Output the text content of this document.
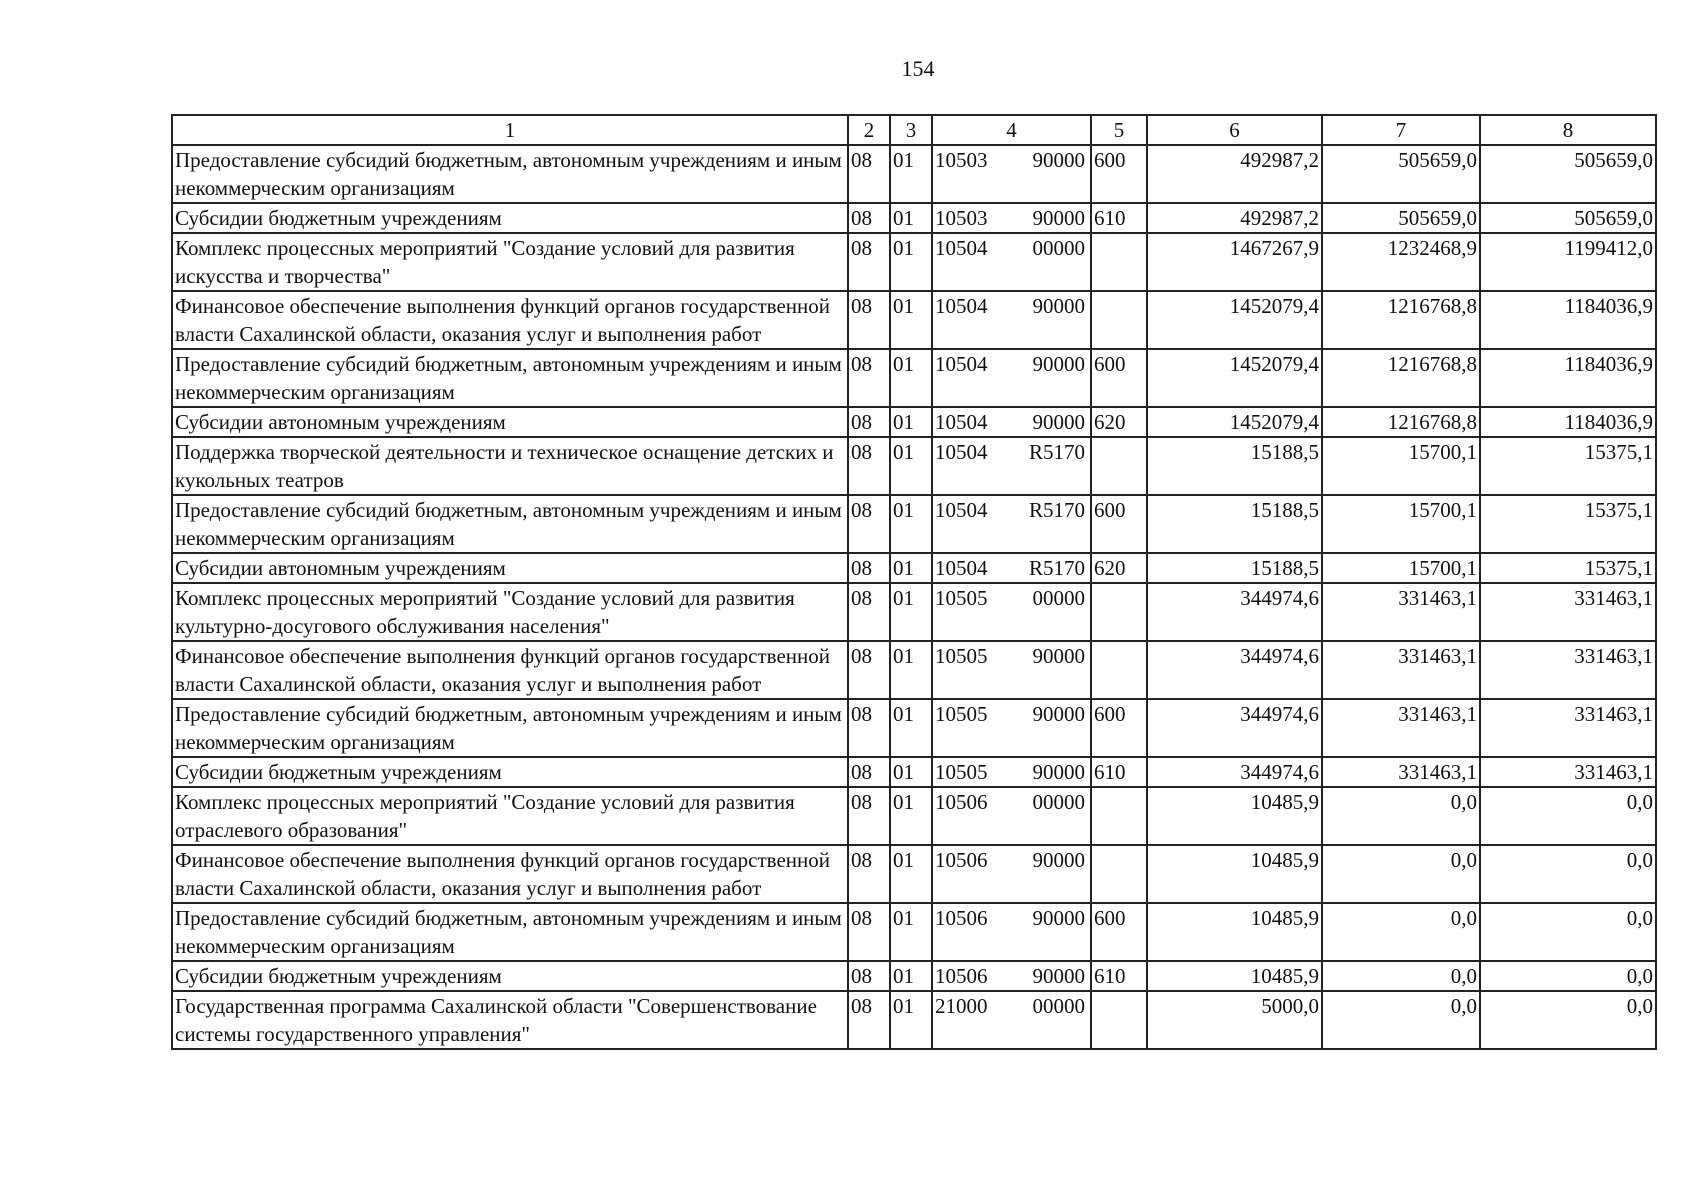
154
1	2	3	4	5	6	7	8
Предоставление субсидий бюджетным, автономным учреждениям и иным некоммерческим организациям	08	01	10503 90000	600	492987,2	505659,0	505659,0
Субсидии бюджетным учреждениям	08	01	10503 90000	610	492987,2	505659,0	505659,0
Комплекс процессных мероприятий "Создание условий для развития искусства и творчества"	08	01	10504 00000		1467267,9	1232468,9	1199412,0
Финансовое обеспечение выполнения функций органов государственной власти Сахалинской области, оказания услуг и выполнения работ	08	01	10504 90000		1452079,4	1216768,8	1184036,9
Предоставление субсидий бюджетным, автономным учреждениям и иным некоммерческим организациям	08	01	10504 90000	600	1452079,4	1216768,8	1184036,9
Субсидии автономным учреждениям	08	01	10504 90000	620	1452079,4	1216768,8	1184036,9
Поддержка творческой деятельности и техническое оснащение детских и кукольных театров	08	01	10504 R5170		15188,5	15700,1	15375,1
Предоставление субсидий бюджетным, автономным учреждениям и иным некоммерческим организациям	08	01	10504 R5170	600	15188,5	15700,1	15375,1
Субсидии автономным учреждениям	08	01	10504 R5170	620	15188,5	15700,1	15375,1
Комплекс процессных мероприятий "Создание условий для развития культурно-досугового обслуживания населения"	08	01	10505 00000		344974,6	331463,1	331463,1
Финансовое обеспечение выполнения функций органов государственной власти Сахалинской области, оказания услуг и выполнения работ	08	01	10505 90000		344974,6	331463,1	331463,1
Предоставление субсидий бюджетным, автономным учреждениям и иным некоммерческим организациям	08	01	10505 90000	600	344974,6	331463,1	331463,1
Субсидии бюджетным учреждениям	08	01	10505 90000	610	344974,6	331463,1	331463,1
Комплекс процессных мероприятий "Создание условий для развития отраслевого образования"	08	01	10506 00000		10485,9	0,0	0,0
Финансовое обеспечение выполнения функций органов государственной власти Сахалинской области, оказания услуг и выполнения работ	08	01	10506 90000		10485,9	0,0	0,0
Предоставление субсидий бюджетным, автономным учреждениям и иным некоммерческим организациям	08	01	10506 90000	600	10485,9	0,0	0,0
Субсидии бюджетным учреждениям	08	01	10506 90000	610	10485,9	0,0	0,0
Государственная программа Сахалинской области "Совершенствование системы государственного управления"	08	01	21000 00000		5000,0	0,0	0,0
